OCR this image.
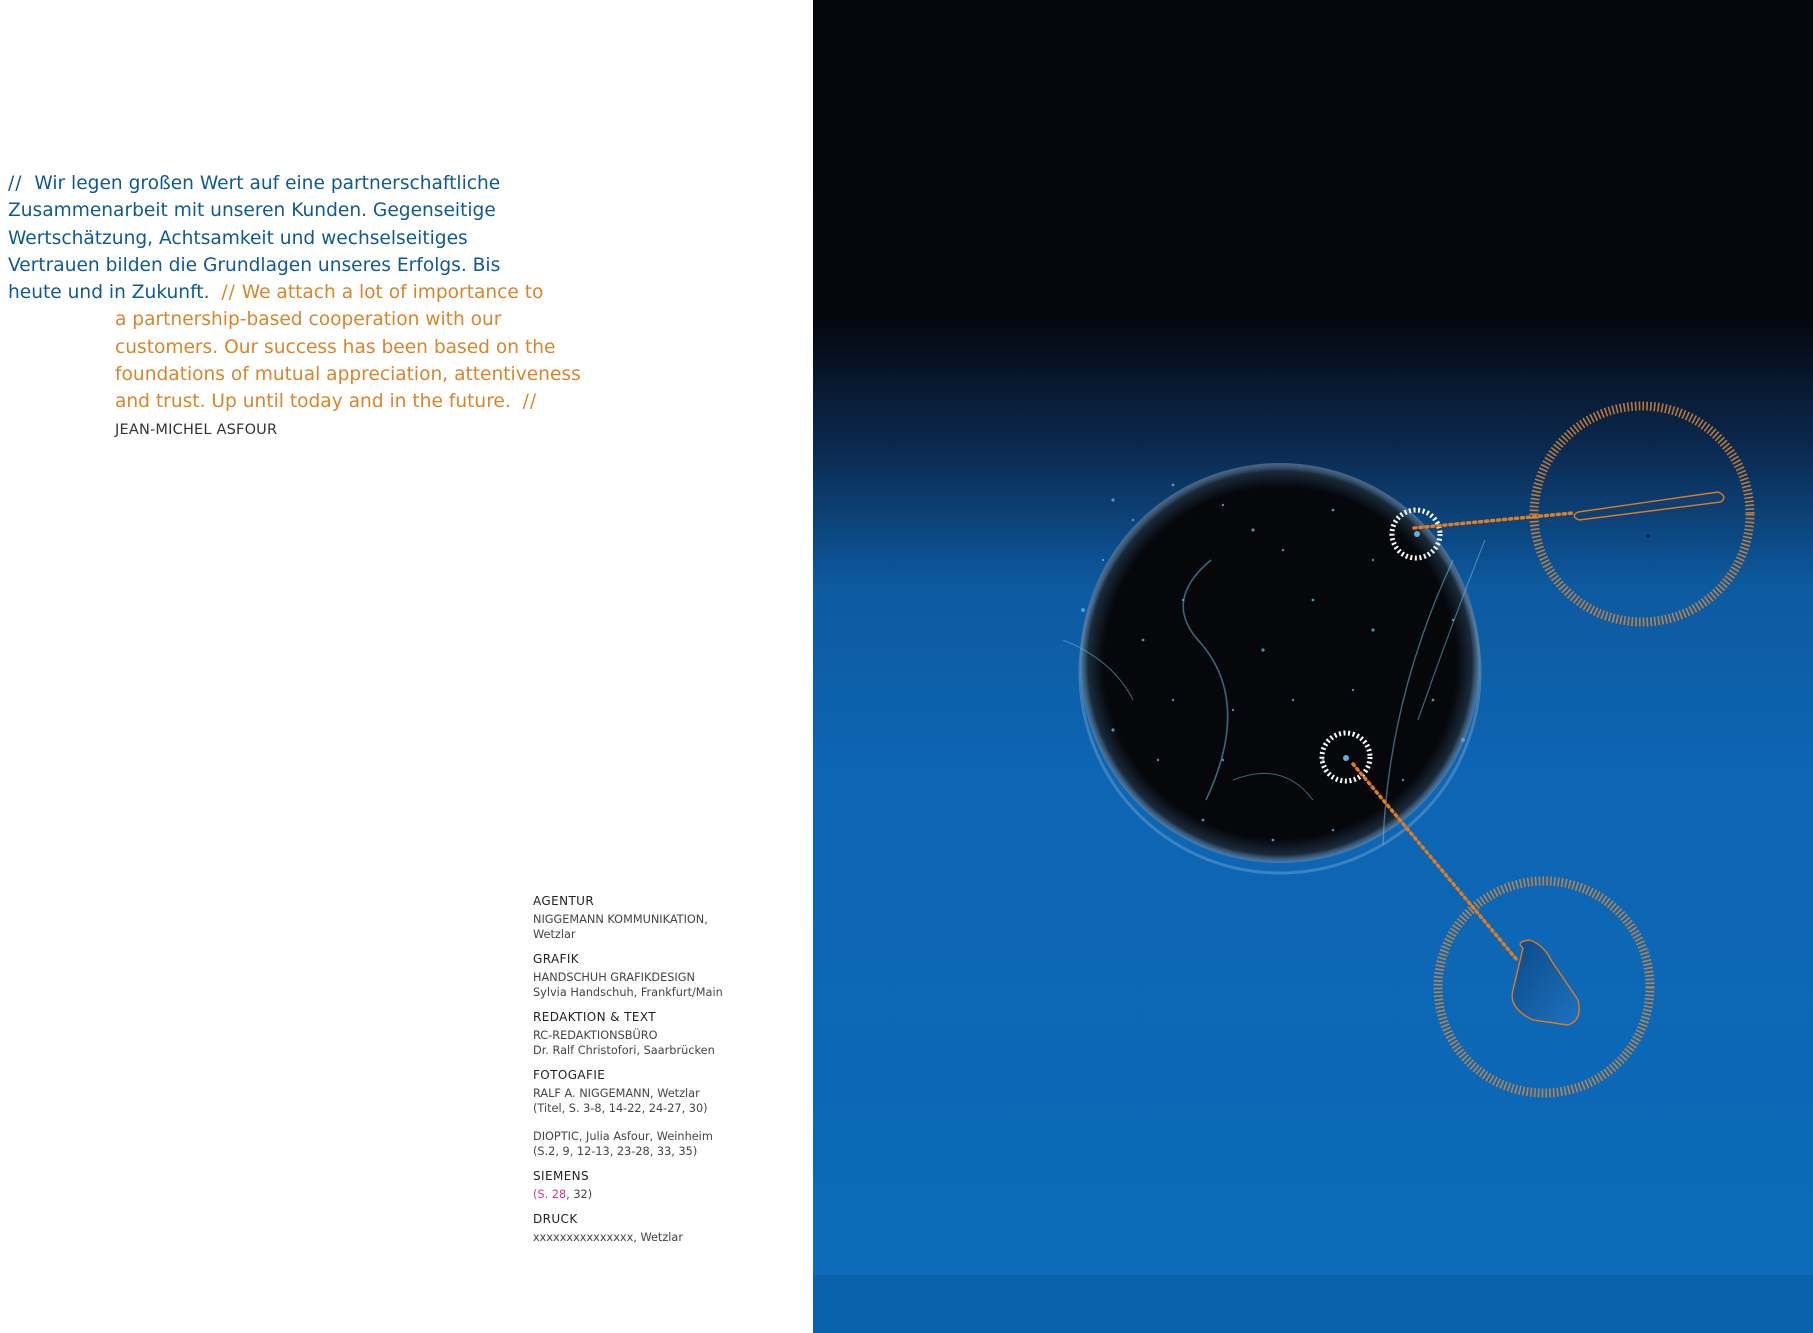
// Wir legen großen Wert auf eine partnerschaftliche
Zusammenarbeit mit unseren Kunden. Gegenseitige
Wertschätzung, Achtsamkeit und wechselseitiges
Vertrauen bilden die Grundlagen unseres Erfolgs. Bis
heute und in Zukunft. // We attach a lot of importance to
a partnership-based cooperation with our
customers. Our success has been based on the
foundations of mutual appreciation, attentiveness
and trust. Up until today and in the future. //
JEAN-MICHEL ASFOUR
AGENTUR
NIGGEMANN KOMMUNIKATION,
Wetzlar
GRAFIK
HANDSCHUH GRAFIKDESIGN
Sylvia Handschuh, Frankfurt/Main
REDAKTION & TEXT
RC-REDAKTIONSBÜRO
Dr. Ralf Christofori, Saarbrücken
FOTOGAFIE
RALF A. NIGGEMANN, Wetzlar
(Titel, S. 3-8, 14-22, 24-27, 30)
DIOPTIC, Julia Asfour, Weinheim
(S.2, 9, 12-13, 23-28, 33, 35)
SIEMENS
(S. 28, 32)
DRUCK
xxxxxxxxxxxxxxx, Wetzlar
